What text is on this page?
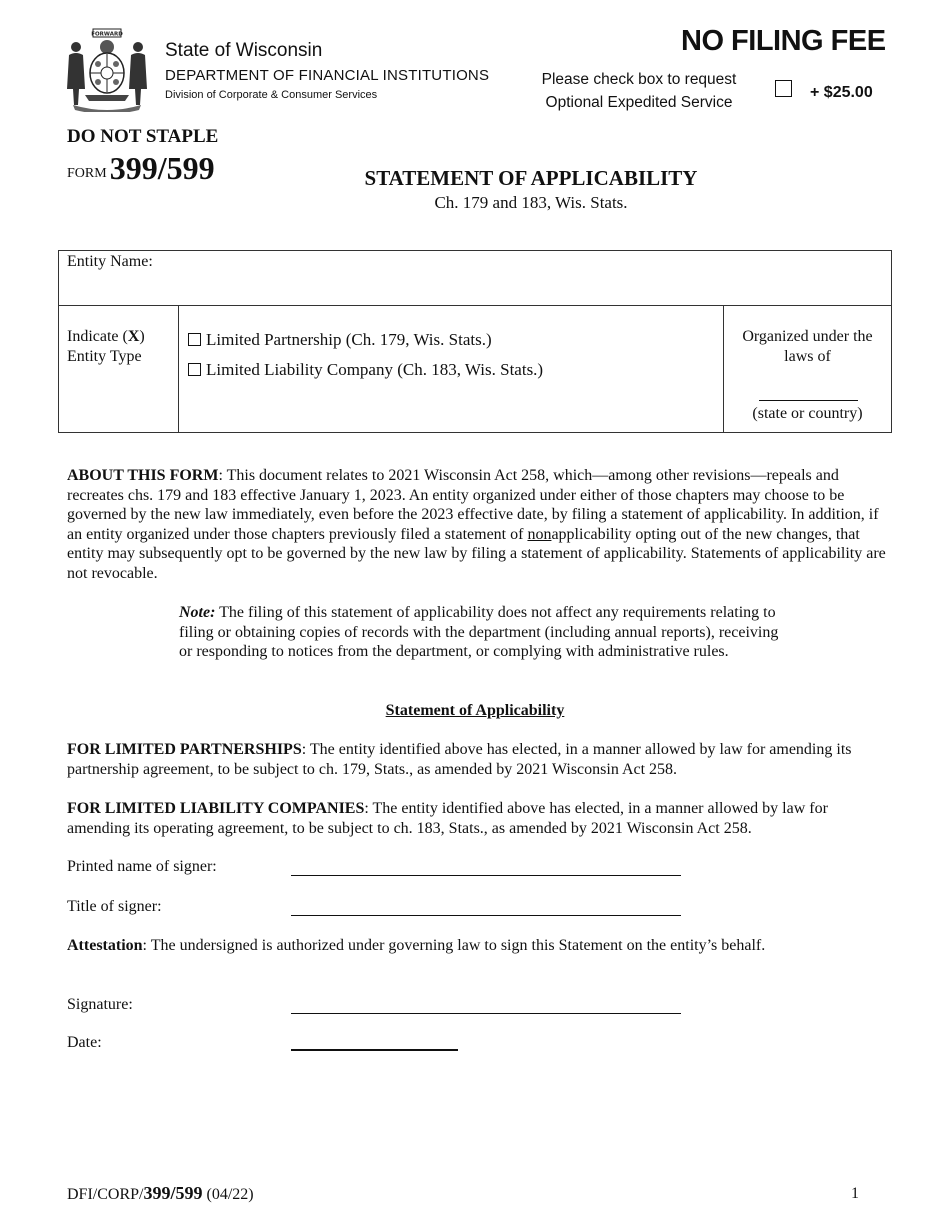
FORWARD
State of Wisconsin
DEPARTMENT OF FINANCIAL INSTITUTIONS
Division of Corporate & Consumer Services
NO FILING FEE
Please check box to request
Optional Expedited Service
+ $25.00
DO NOT STAPLE
FORM399/599	STATEMENT OF APPLICABILITY
Ch. 179 and 183, Wis. Stats.
Entity Name:
Indicate (X)
Entity Type
Limited Partnership (Ch. 179, Wis. Stats.)
Limited Liability Company (Ch. 183, Wis. Stats.)
Organized under the
laws of
(state or country)
ABOUT THIS FORM: This document relates to 2021 Wisconsin Act 258, which—among other revisions—repeals and recreates chs. 179 and 183 effective January 1, 2023. An entity organized under either of those chapters may choose to be governed by the new law immediately, even before the 2023 effective date, by filing a statement of applicability. In addition, if an entity organized under those chapters previously filed a statement of nonapplicability opting out of the new changes, that entity may subsequently opt to be governed by the new law by filing a statement of applicability. Statements of applicability are not revocable.
Note: The filing of this statement of applicability does not affect any requirements relating to filing or obtaining copies of records with the department (including annual reports), receiving or responding to notices from the department, or complying with administrative rules.
Statement of Applicability
FOR LIMITED PARTNERSHIPS: The entity identified above has elected, in a manner allowed by law for amending its partnership agreement, to be subject to ch. 179, Stats., as amended by 2021 Wisconsin Act 258.
FOR LIMITED LIABILITY COMPANIES: The entity identified above has elected, in a manner allowed by law for amending its operating agreement, to be subject to ch. 183, Stats., as amended by 2021 Wisconsin Act 258.
Printed name of signer:
Title of signer:
Attestation: The undersigned is authorized under governing law to sign this Statement on the entity’s behalf.
Signature:
Date:
DFI/CORP/399/599 (04/22)	1
